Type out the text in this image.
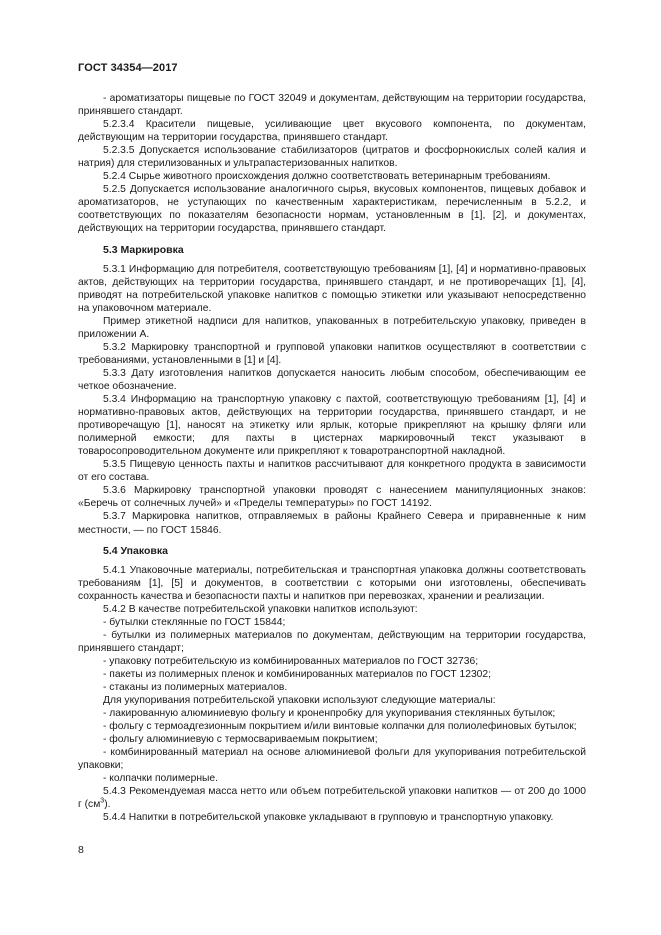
ГОСТ 34354—2017

- ароматизаторы пищевые по ГОСТ 32049 и документам, действующим на территории государства, принявшего стандарт.

5.2.3.4 Красители пищевые, усиливающие цвет вкусового компонента, по документам, действующим на территории государства, принявшего стандарт.

5.2.3.5 Допускается использование стабилизаторов (цитратов и фосфорнокислых солей калия и натрия) для стерилизованных и ультрапастеризованных напитков.

5.2.4 Сырье животного происхождения должно соответствовать ветеринарным требованиям.

5.2.5 Допускается использование аналогичного сырья, вкусовых компонентов, пищевых добавок и ароматизаторов, не уступающих по качественным характеристикам, перечисленным в 5.2.2, и соответствующих по показателям безопасности нормам, установленным в [1], [2], и документах, действующих на территории государства, принявшего стандарт.

5.3 Маркировка

5.3.1 Информацию для потребителя, соответствующую требованиям [1], [4] и нормативно-правовых актов, действующих на территории государства, принявшего стандарт, и не противоречащих [1], [4], приводят на потребительской упаковке напитков с помощью этикетки или указывают непосредственно на упаковочном материале.

Пример этикетной надписи для напитков, упакованных в потребительскую упаковку, приведен в приложении А.

5.3.2 Маркировку транспортной и групповой упаковки напитков осуществляют в соответствии с требованиями, установленными в [1] и [4].

5.3.3 Дату изготовления напитков допускается наносить любым способом, обеспечивающим ее четкое обозначение.

5.3.4 Информацию на транспортную упаковку с пахтой, соответствующую требованиям [1], [4] и нормативно-правовых актов, действующих на территории государства, принявшего стандарт, и не противоречащую [1], наносят на этикетку или ярлык, которые прикрепляют на крышку фляги или полимерной емкости; для пахты в цистернах маркировочный текст указывают в товаросопроводительном документе или прикрепляют к товаротранспортной накладной.

5.3.5 Пищевую ценность пахты и напитков рассчитывают для конкретного продукта в зависимости от его состава.

5.3.6 Маркировку транспортной упаковки проводят с нанесением манипуляционных знаков: «Беречь от солнечных лучей» и «Пределы температуры» по ГОСТ 14192.

5.3.7 Маркировка напитков, отправляемых в районы Крайнего Севера и приравненные к ним местности, — по ГОСТ 15846.

5.4 Упаковка

5.4.1 Упаковочные материалы, потребительская и транспортная упаковка должны соответствовать требованиям [1], [5] и документов, в соответствии с которыми они изготовлены, обеспечивать сохранность качества и безопасности пахты и напитков при перевозках, хранении и реализации.

5.4.2 В качестве потребительской упаковки напитков используют:

- бутылки стеклянные по ГОСТ 15844;

- бутылки из полимерных материалов по документам, действующим на территории государства, принявшего стандарт;

- упаковку потребительскую из комбинированных материалов по ГОСТ 32736;

- пакеты из полимерных пленок и комбинированных материалов по ГОСТ 12302;

- стаканы из полимерных материалов.

Для укупоривания потребительской упаковки используют следующие материалы:

- лакированную алюминиевую фольгу и кроненпробку для укупоривания стеклянных бутылок;

- фольгу с термоадгезионным покрытием и/или винтовые колпачки для полиолефиновых бутылок;

- фольгу алюминиевую с термосвариваемым покрытием;

- комбинированный материал на основе алюминиевой фольги для укупоривания потребительской упаковки;

- колпачки полимерные.

5.4.3 Рекомендуемая масса нетто или объем потребительской упаковки напитков — от 200 до 1000 г $(см^3)$.

5.4.4 Напитки в потребительской упаковке укладывают в групповую и транспортную упаковку.

8
